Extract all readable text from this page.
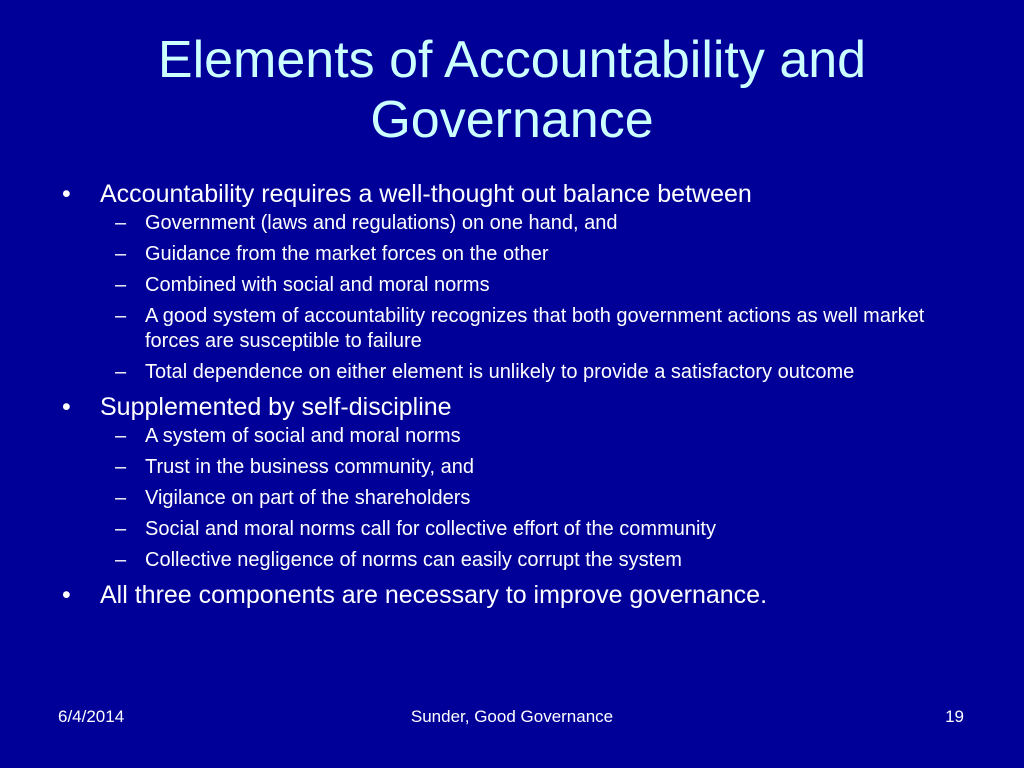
Elements of Accountability and
Governance
• Accountability requires a well-thought out balance between
– Government (laws and regulations) on one hand, and
– Guidance from the market forces on the other
– Combined with social and moral norms
– A good system of accountability recognizes that both government actions as well market forces are susceptible to failure
– Total dependence on either element is unlikely to provide a satisfactory outcome
• Supplemented by self-discipline
– A system of social and moral norms
– Trust in the business community, and
– Vigilance on part of the shareholders
– Social and moral norms call for collective effort of the community
– Collective negligence of norms can easily corrupt the system
• All three components are necessary to improve governance.
6/4/2014	Sunder, Good Governance	19
